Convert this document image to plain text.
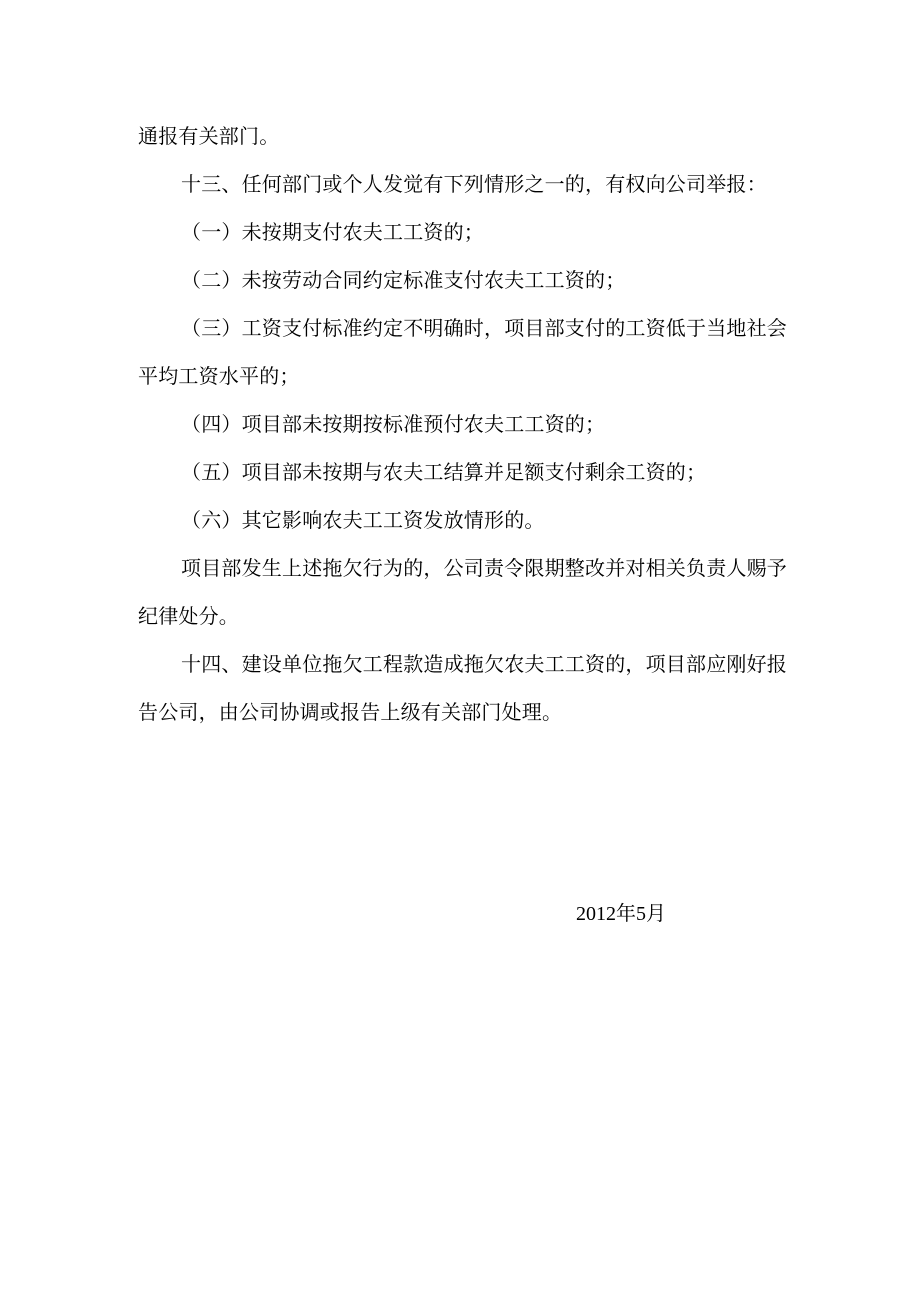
通报有关部门。

十三、任何部门或个人发觉有下列情形之一的，有权向公司举报：

（一）未按期支付农夫工工资的；

（二）未按劳动合同约定标准支付农夫工工资的；

（三）工资支付标准约定不明确时，项目部支付的工资低于当地社会平均工资水平的；

（四）项目部未按期按标准预付农夫工工资的；

（五）项目部未按期与农夫工结算并足额支付剩余工资的；

（六）其它影响农夫工工资发放情形的。

项目部发生上述拖欠行为的，公司责令限期整改并对相关负责人赐予纪律处分。

十四、建设单位拖欠工程款造成拖欠农夫工工资的，项目部应刚好报告公司，由公司协调或报告上级有关部门处理。

2012年5月
